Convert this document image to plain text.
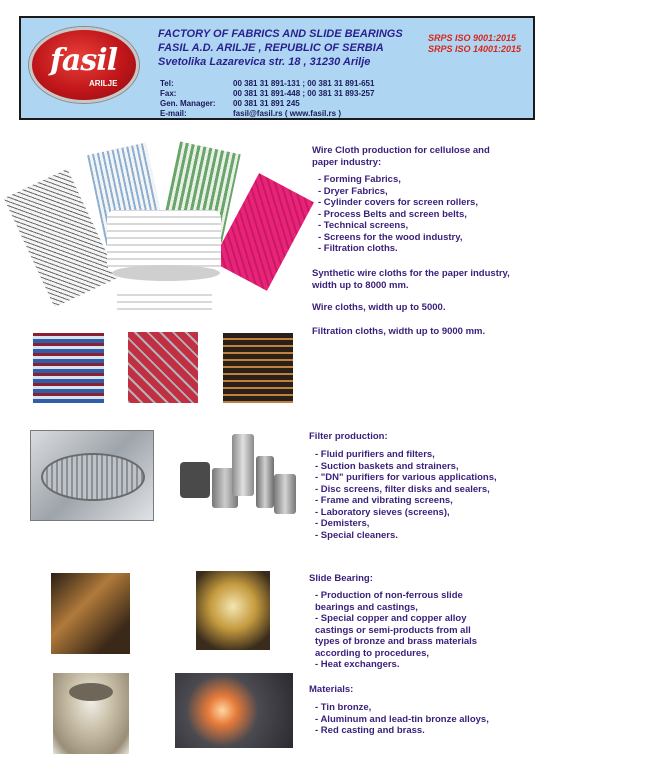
fasil
ARILJE
FACTORY OF FABRICS AND SLIDE BEARINGS
FASIL A.D. ARILJE , REPUBLIC OF SERBIA
Svetolika Lazarevica str. 18 , 31230 Arilje
SRPS ISO 9001:2015
SRPS ISO 14001:2015
Tel:	00 381 31 891-131 ; 00 381 31 891-651
Fax:	00 381 31 891-448 ; 00 381 31 893-257
Gen. Manager: 00 381 31 891 245
E-mail:	fasil@fasil.rs ( www.fasil.rs )
Wire Cloth production for cellulose and
paper industry:
- Forming Fabrics,
- Dryer Fabrics,
- Cylinder covers for screen rollers,
- Process Belts and screen belts,
- Technical screens,
- Screens for the wood industry,
- Filtration cloths.
Synthetic wire cloths for the paper industry,
width up to 8000 mm.
Wire cloths, width up to 5000.
Filtration cloths, width up to 9000 mm.
Filter production:
- Fluid purifiers and filters,
- Suction baskets and strainers,
- "DN" purifiers for various applications,
- Disc screens, filter disks and sealers,
- Frame and vibrating screens,
- Laboratory sieves (screens),
- Demisters,
- Special cleaners.
Slide Bearing:
- Production of non-ferrous slide
bearings and castings,
- Special copper and copper alloy
castings or semi-products from all
types of bronze and brass materials
according to procedures,
- Heat exchangers.
Materials:
- Tin bronze,
- Aluminum and lead-tin bronze alloys,
- Red casting and brass.
